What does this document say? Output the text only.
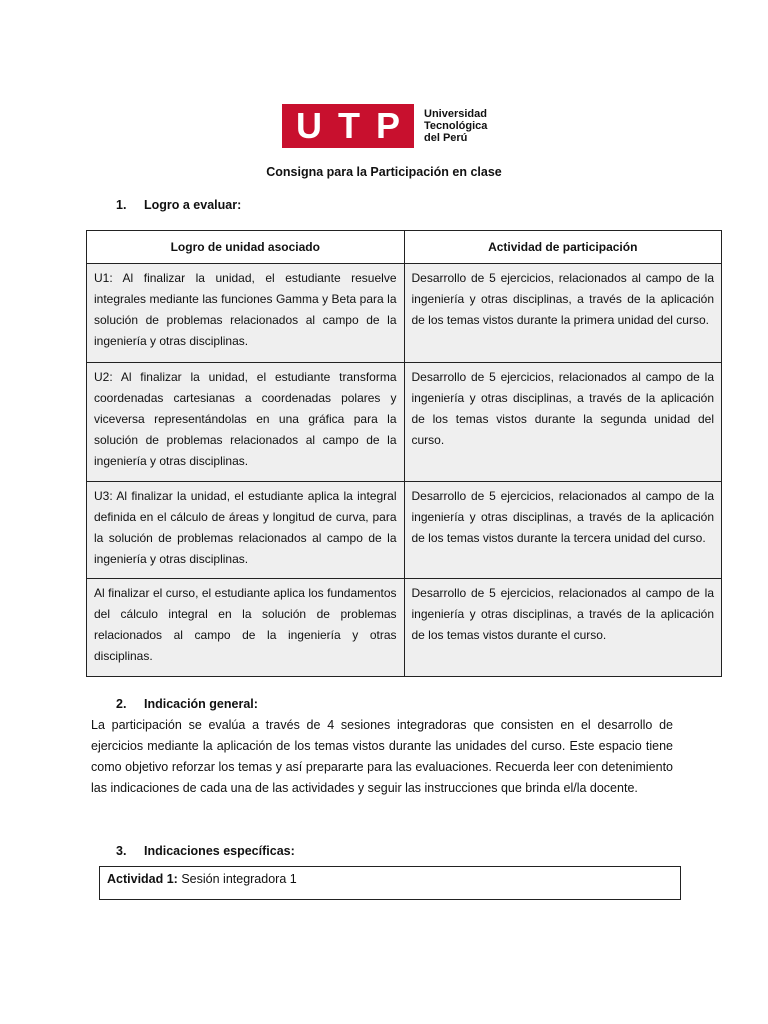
U T P Universidad
Tecnológica
del Perú
Consigna para la Participación en clase
1. Logro a evaluar:
Logro de unidad asociado	Actividad de participación
U1: Al finalizar la unidad, el estudiante resuelve integrales mediante las funciones Gamma y Beta para la solución de problemas relacionados al campo de la ingeniería y otras disciplinas.	Desarrollo de 5 ejercicios, relacionados al campo de la ingeniería y otras disciplinas, a través de la aplicación de los temas vistos durante la primera unidad del curso.
U2: Al finalizar la unidad, el estudiante transforma coordenadas cartesianas a coordenadas polares y viceversa representándolas en una gráfica para la solución de problemas relacionados al campo de la ingeniería y otras disciplinas.	Desarrollo de 5 ejercicios, relacionados al campo de la ingeniería y otras disciplinas, a través de la aplicación de los temas vistos durante la segunda unidad del curso.
U3: Al finalizar la unidad, el estudiante aplica la integral definida en el cálculo de áreas y longitud de curva, para la solución de problemas relacionados al campo de la ingeniería y otras disciplinas.	Desarrollo de 5 ejercicios, relacionados al campo de la ingeniería y otras disciplinas, a través de la aplicación de los temas vistos durante la tercera unidad del curso.
Al finalizar el curso, el estudiante aplica los fundamentos del cálculo integral en la solución de problemas relacionados al campo de la ingeniería y otras disciplinas.	Desarrollo de 5 ejercicios, relacionados al campo de la ingeniería y otras disciplinas, a través de la aplicación de los temas vistos durante el curso.
2. Indicación general:
La participación se evalúa a través de 4 sesiones integradoras que consisten en el desarrollo de ejercicios mediante la aplicación de los temas vistos durante las unidades del curso. Este espacio tiene como objetivo reforzar los temas y así prepararte para las evaluaciones. Recuerda leer con detenimiento las indicaciones de cada una de las actividades y seguir las instrucciones que brinda el/la docente.
3. Indicaciones específicas:
Actividad 1: Sesión integradora 1
